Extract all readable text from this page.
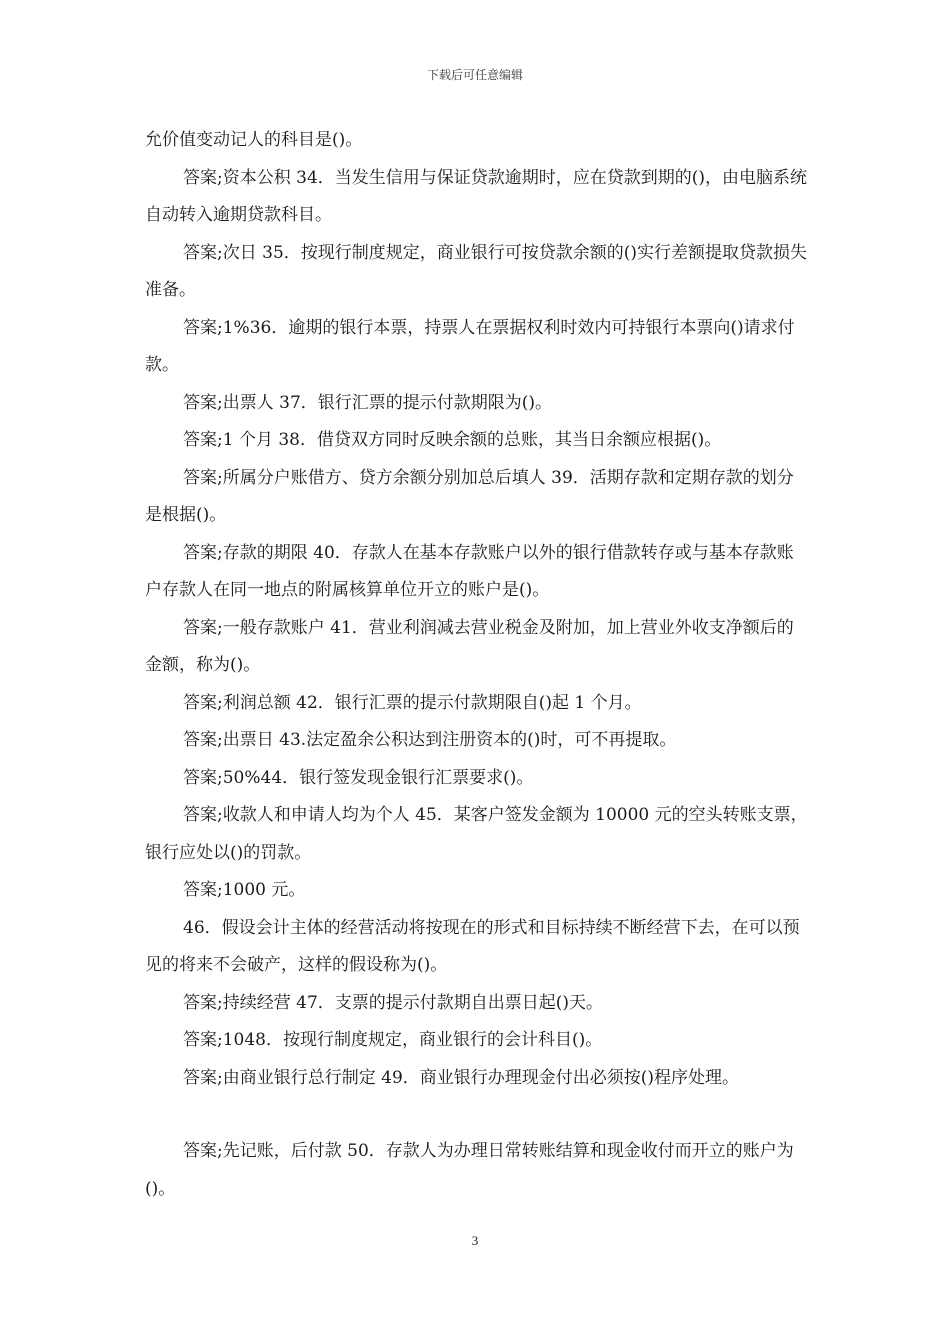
下载后可任意编辑

允价值变动记人的科目是()。

答案;资本公积 34．当发生信用与保证贷款逾期时，应在贷款到期的()，由电脑系统自动转入逾期贷款科目。

答案;次日 35．按现行制度规定，商业银行可按贷款余额的()实行差额提取贷款损失准备。

答案;1%36．逾期的银行本票，持票人在票据权利时效内可持银行本票向()请求付款。

答案;出票人 37．银行汇票的提示付款期限为()。

答案;1 个月 38．借贷双方同时反映余额的总账，其当日余额应根据()。

答案;所属分户账借方、贷方余额分别加总后填人 39．活期存款和定期存款的划分是根据()。

答案;存款的期限 40．存款人在基本存款账户以外的银行借款转存或与基本存款账户存款人在同一地点的附属核算单位开立的账户是()。

答案;一般存款账户 41．营业利润减去营业税金及附加，加上营业外收支净额后的金额，称为()。

答案;利润总额 42．银行汇票的提示付款期限自()起 1 个月。

答案;出票日 43.法定盈余公积达到注册资本的()时，可不再提取。

答案;50%44．银行签发现金银行汇票要求()。

答案;收款人和申请人均为个人 45．某客户签发金额为 10000 元的空头转账支票，银行应处以()的罚款。

答案;1000 元。

46．假设会计主体的经营活动将按现在的形式和目标持续不断经营下去，在可以预见的将来不会破产，这样的假设称为()。

答案;持续经营 47．支票的提示付款期自出票日起()天。

答案;1048．按现行制度规定，商业银行的会计科目()。

答案;由商业银行总行制定 49．商业银行办理现金付出必须按()程序处理。

答案;先记账，后付款 50．存款人为办理日常转账结算和现金收付而开立的账户为()。

3
